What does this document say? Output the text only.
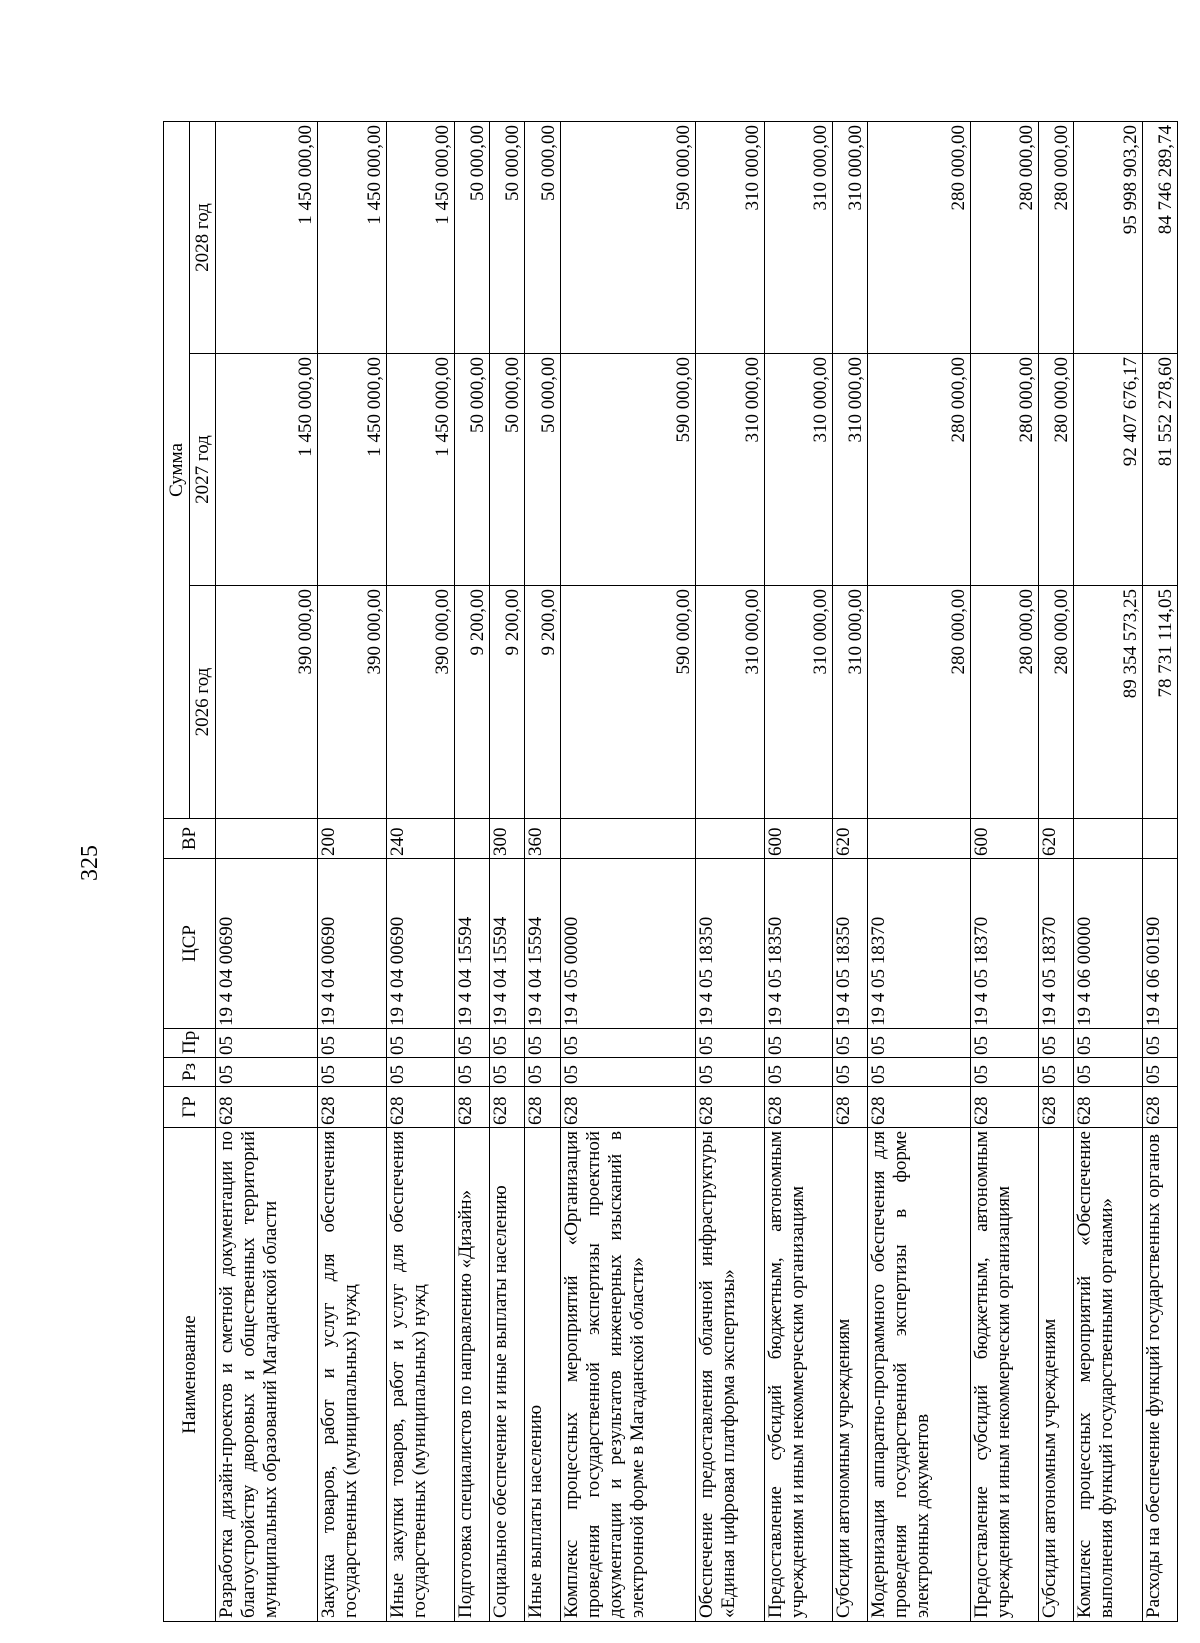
325
Наименование	ГР	Рз	Пр	ЦСР	ВР	Сумма		
						2026 год	2027 год	2028 год
Разработка дизайн-проектов и сметной документации по благоустройству дворовых и общественных территорий муниципальных образований Магаданской области	628	05	05	19 4 04 00690		390 000,00	1 450 000,00	1 450 000,00
Закупка товаров, работ и услуг для обеспечения государственных (муниципальных) нужд	628	05	05	19 4 04 00690	200	390 000,00	1 450 000,00	1 450 000,00
Иные закупки товаров, работ и услуг для обеспечения государственных (муниципальных) нужд	628	05	05	19 4 04 00690	240	390 000,00	1 450 000,00	1 450 000,00
Подготовка специалистов по направлению «Дизайн»	628	05	05	19 4 04 15594		9 200,00	50 000,00	50 000,00
Социальное обеспечение и иные выплаты населению	628	05	05	19 4 04 15594	300	9 200,00	50 000,00	50 000,00
Иные выплаты населению	628	05	05	19 4 04 15594	360	9 200,00	50 000,00	50 000,00
Комплекс процессных мероприятий «Организация проведения государственной экспертизы проектной документации и результатов инженерных изысканий в электронной форме в Магаданской области»	628	05	05	19 4 05 00000		590 000,00	590 000,00	590 000,00
Обеспечение предоставления облачной инфраструктуры «Единая цифровая платформа экспертизы»	628	05	05	19 4 05 18350		310 000,00	310 000,00	310 000,00
Предоставление субсидий бюджетным, автономным учреждениям и иным некоммерческим организациям	628	05	05	19 4 05 18350	600	310 000,00	310 000,00	310 000,00
Субсидии автономным учреждениям	628	05	05	19 4 05 18350	620	310 000,00	310 000,00	310 000,00
Модернизация аппаратно-программного обеспечения для проведения государственной экспертизы в форме электронных документов	628	05	05	19 4 05 18370		280 000,00	280 000,00	280 000,00
Предоставление субсидий бюджетным, автономным учреждениям и иным некоммерческим организациям	628	05	05	19 4 05 18370	600	280 000,00	280 000,00	280 000,00
Субсидии автономным учреждениям	628	05	05	19 4 05 18370	620	280 000,00	280 000,00	280 000,00
Комплекс процессных мероприятий «Обеспечение выполнения функций государственными органами»	628	05	05	19 4 06 00000		89 354 573,25	92 407 676,17	95 998 903,20
Расходы на обеспечение функций государственных органов	628	05	05	19 4 06 00190		78 731 114,05	81 552 278,60	84 746 289,74
